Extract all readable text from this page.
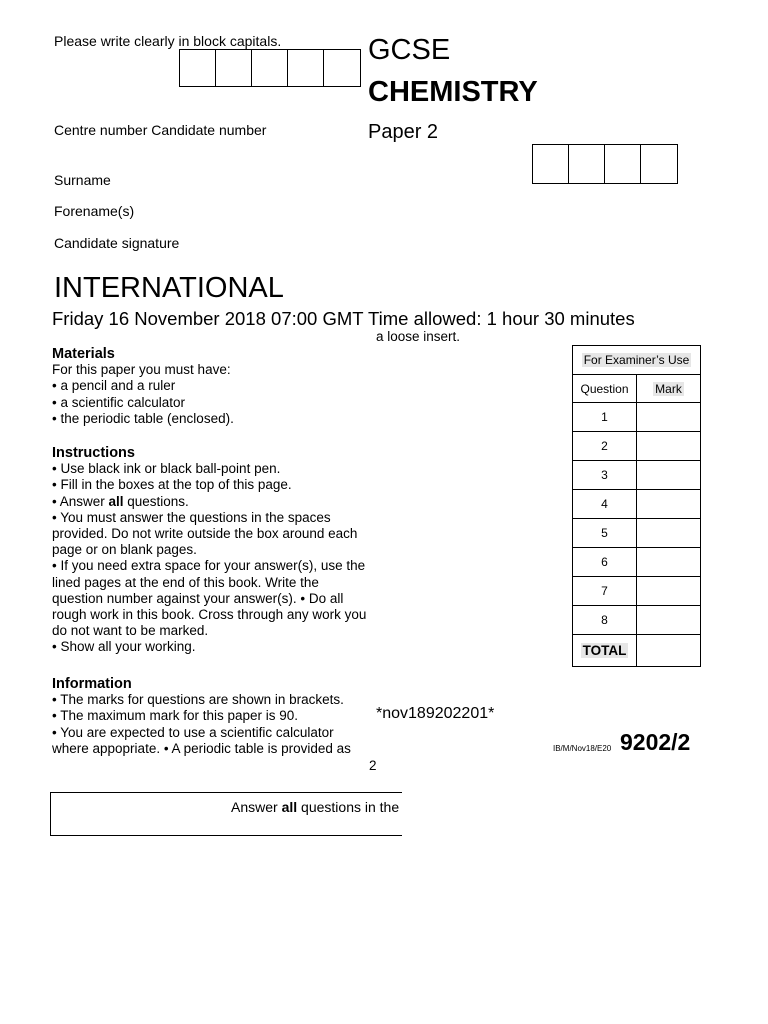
Please write clearly in block capitals.	GCSE
CHEMISTRY
Paper 2
Centre number Candidate number
Surname
Forename(s)
Candidate signature
INTERNATIONAL
Friday 16 November 2018 07:00 GMT Time allowed: 1 hour 30 minutes
a loose insert.
Materials
For this paper you must have:
• a pencil and a ruler
• a scientific calculator
• the periodic table (enclosed).
Instructions
• Use black ink or black ball-point pen.
• Fill in the boxes at the top of this page.
• Answer all questions.
• You must answer the questions in the spaces provided. Do not write outside the box around each page or on blank pages.
• If you need extra space for your answer(s), use the lined pages at the end of this book. Write the question number against your answer(s). • Do all rough work in this book. Cross through any work you do not want to be marked.
• Show all your working.
Information
• The marks for questions are shown in brackets.
• The maximum mark for this paper is 90.
• You are expected to use a scientific calculator where appopriate. • A periodic table is provided as
For Examiner’s Use	
Question	Mark
1	
2	
3	
4	
5	
6	
7	
8	
TOTAL	
*nov189202201*
IB/M/Nov18/E20 9202/2
2
Answer all questions in the
